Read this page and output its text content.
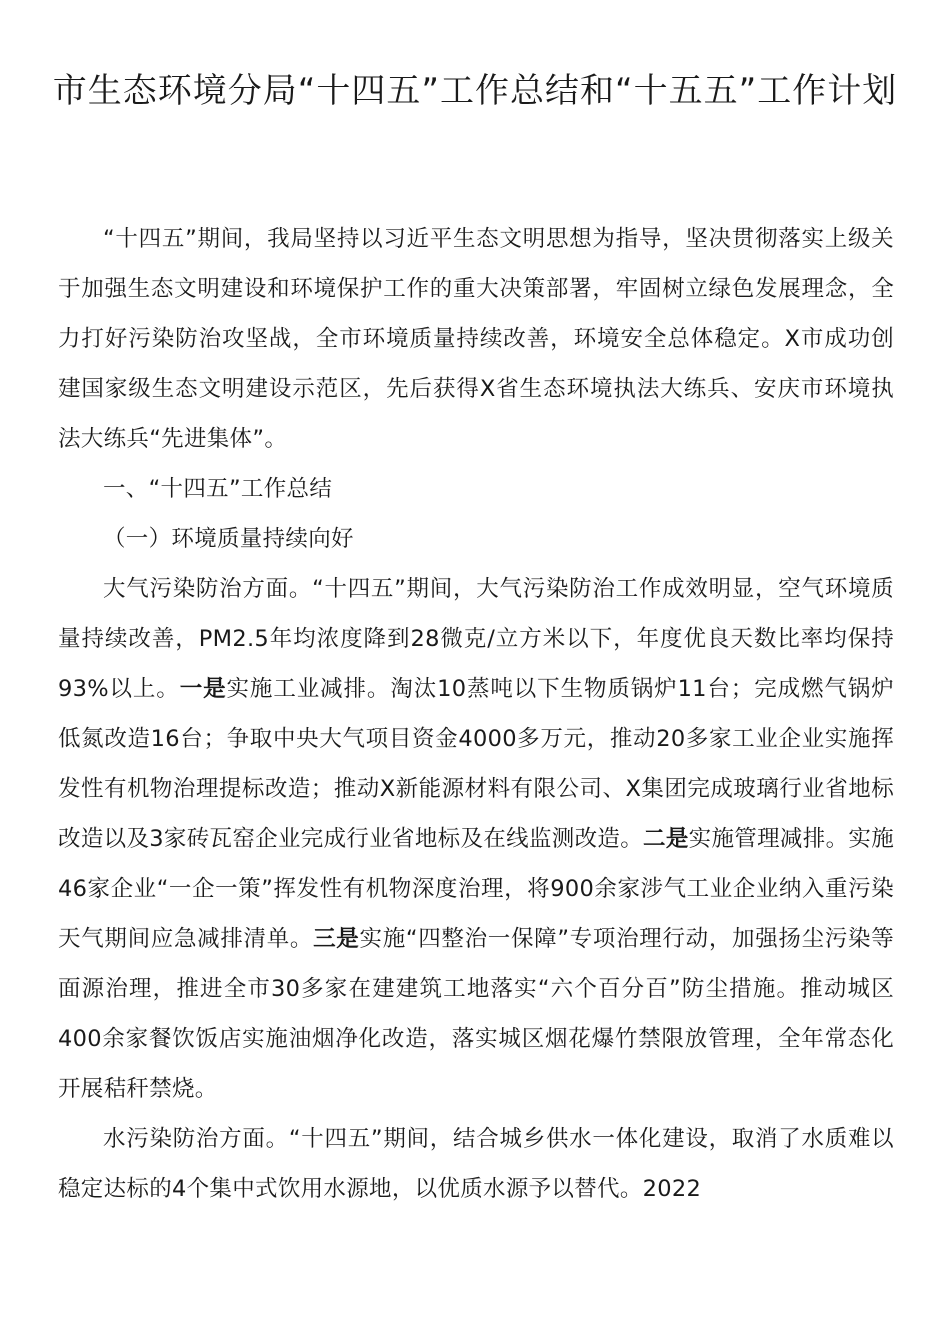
市生态环境分局“十四五”工作总结和“十五五”工作计划

“十四五”期间，我局坚持以习近平生态文明思想为指导，坚决贯彻落实上级关于加强生态文明建设和环境保护工作的重大决策部署，牢固树立绿色发展理念，全力打好污染防治攻坚战，全市环境质量持续改善，环境安全总体稳定。X市成功创建国家级生态文明建设示范区，先后获得X省生态环境执法大练兵、安庆市环境执法大练兵“先进集体”。

一、“十四五”工作总结

（一）环境质量持续向好

大气污染防治方面。“十四五”期间，大气污染防治工作成效明显，空气环境质量持续改善，PM2.5年均浓度降到28微克/立方米以下，年度优良天数比率均保持93%以上。一是实施工业减排。淘汰10蒸吨以下生物质锅炉11台；完成燃气锅炉低氮改造16台；争取中央大气项目资金4000多万元，推动20多家工业企业实施挥发性有机物治理提标改造；推动X新能源材料有限公司、X集团完成玻璃行业省地标改造以及3家砖瓦窑企业完成行业省地标及在线监测改造。二是实施管理减排。实施46家企业“一企一策”挥发性有机物深度治理，将900余家涉气工业企业纳入重污染天气期间应急减排清单。三是实施“四整治一保障”专项治理行动，加强扬尘污染等面源治理，推进全市30多家在建建筑工地落实“六个百分百”防尘措施。推动城区400余家餐饮饭店实施油烟净化改造，落实城区烟花爆竹禁限放管理，全年常态化开展秸秆禁烧。

水污染防治方面。“十四五”期间，结合城乡供水一体化建设，取消了水质难以稳定达标的4个集中式饮用水源地，以优质水源予以替代。2022
